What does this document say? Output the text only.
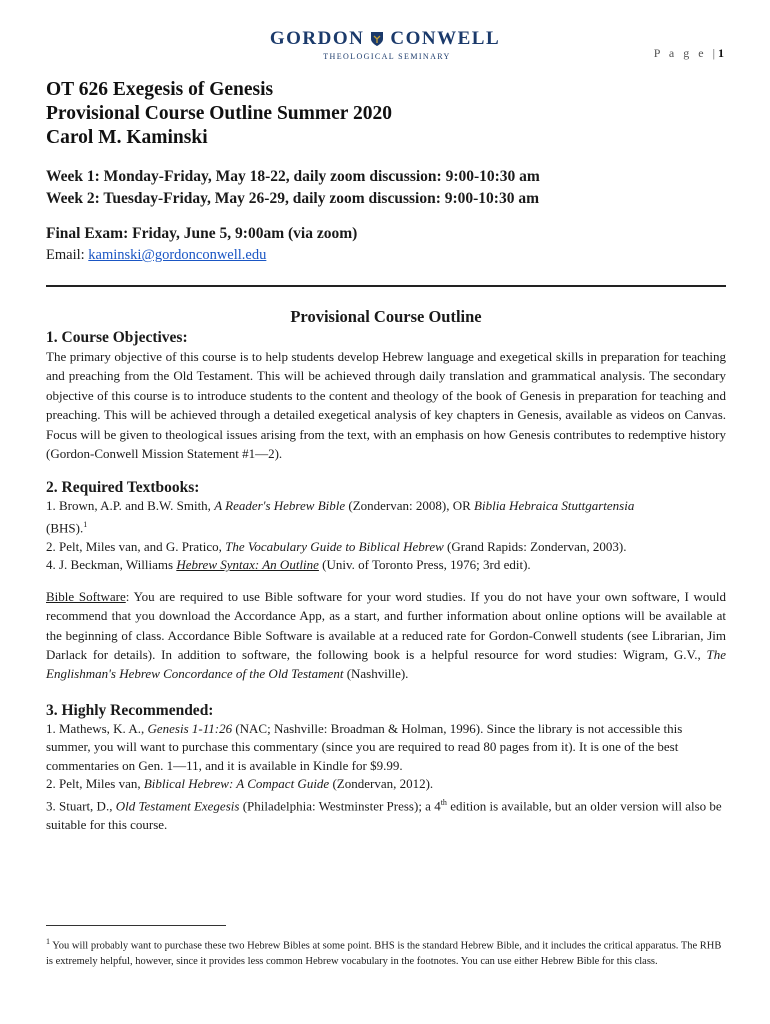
GORDON CONWELL
THEOLOGICAL SEMINARY	P a g e |1
OT 626 Exegesis of Genesis
Provisional Course Outline Summer 2020
Carol M. Kaminski
Week 1: Monday-Friday, May 18-22, daily zoom discussion: 9:00-10:30 am
Week 2: Tuesday-Friday, May 26-29, daily zoom discussion: 9:00-10:30 am
Final Exam: Friday, June 5, 9:00am (via zoom)
Email: kaminski@gordonconwell.edu
Provisional Course Outline
1. Course Objectives:
The primary objective of this course is to help students develop Hebrew language and exegetical skills in preparation for teaching and preaching from the Old Testament. This will be achieved through daily translation and grammatical analysis. The secondary objective of this course is to introduce students to the content and theology of the book of Genesis in preparation for teaching and preaching. This will be achieved through a detailed exegetical analysis of key chapters in Genesis, available as videos on Canvas. Focus will be given to theological issues arising from the text, with an emphasis on how Genesis contributes to redemptive history (Gordon-Conwell Mission Statement #1—2).
2. Required Textbooks:
1. Brown, A.P. and B.W. Smith, A Reader's Hebrew Bible (Zondervan: 2008), OR Biblia Hebraica Stuttgartensia
(BHS).$^1$
2. Pelt, Miles van, and G. Pratico, The Vocabulary Guide to Biblical Hebrew (Grand Rapids: Zondervan, 2003).
4. J. Beckman, Williams Hebrew Syntax: An Outline (Univ. of Toronto Press, 1976; 3rd edit).
Bible Software: You are required to use Bible software for your word studies. If you do not have your own software, I would recommend that you download the Accordance App, as a start, and further information about online options will be available at the beginning of class. Accordance Bible Software is available at a reduced rate for Gordon-Conwell students (see Librarian, Jim Darlack for details). In addition to software, the following book is a helpful resource for word studies: Wigram, G.V., The Englishman's Hebrew Concordance of the Old Testament (Nashville).
3. Highly Recommended:
1. Mathews, K. A., Genesis 1-11:26 (NAC; Nashville: Broadman & Holman, 1996). Since the library is not accessible this summer, you will want to purchase this commentary (since you are required to read 80 pages from it). It is one of the best commentaries on Gen. 1—11, and it is available in Kindle for $9.99.
2. Pelt, Miles van, Biblical Hebrew: A Compact Guide (Zondervan, 2012).
3. Stuart, D., Old Testament Exegesis (Philadelphia: Westminster Press); a 4th edition is available, but an older version will also be suitable for this course.
$^1$ You will probably want to purchase these two Hebrew Bibles at some point. BHS is the standard Hebrew Bible, and it includes the critical apparatus. The RHB is extremely helpful, however, since it provides less common Hebrew vocabulary in the footnotes. You can use either Hebrew Bible for this class.
